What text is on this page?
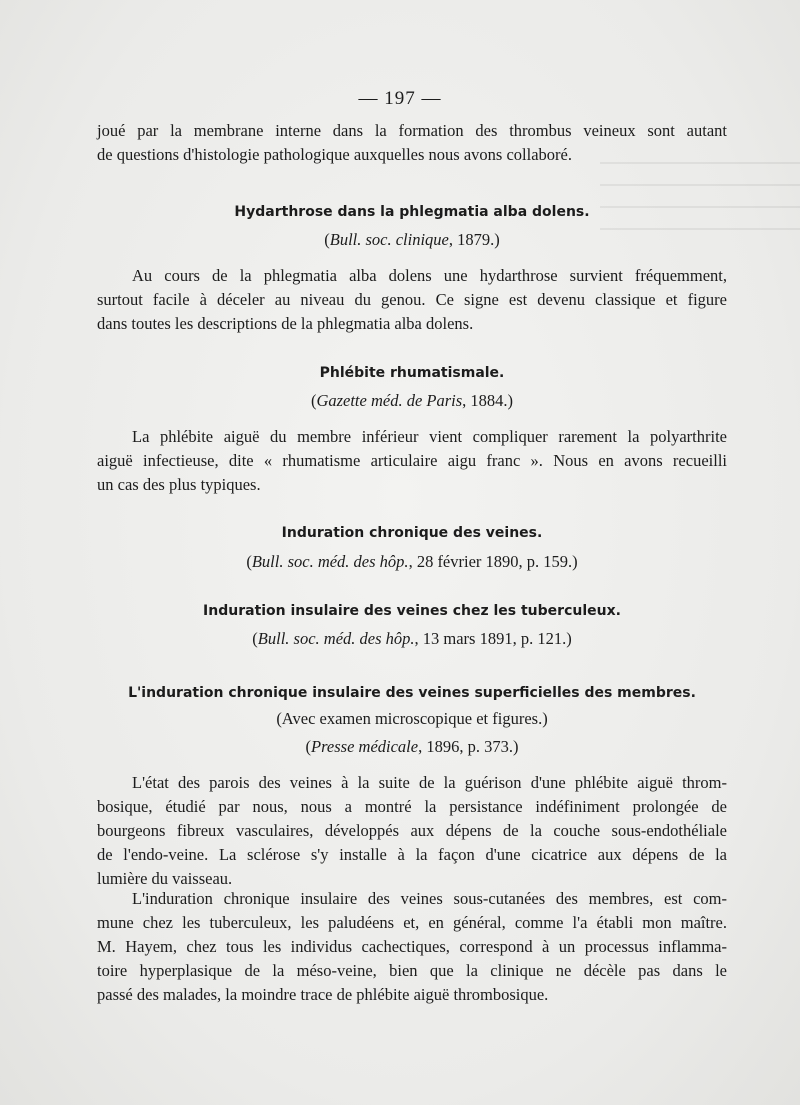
— 197 —
joué par la membrane interne dans la formation des thrombus veineux sont autant
de questions d'histologie pathologique auxquelles nous avons collaboré.
Hydarthrose dans la phlegmatia alba dolens.
(Bull. soc. clinique, 1879.)
Au cours de la phlegmatia alba dolens une hydarthrose survient fréquemment,
surtout facile à déceler au niveau du genou. Ce signe est devenu classique et figure
dans toutes les descriptions de la phlegmatia alba dolens.
Phlébite rhumatismale.
(Gazette méd. de Paris, 1884.)
La phlébite aiguë du membre inférieur vient compliquer rarement la polyarthrite
aiguë infectieuse, dite « rhumatisme articulaire aigu franc ». Nous en avons recueilli
un cas des plus typiques.
Induration chronique des veines.
(Bull. soc. méd. des hôp., 28 février 1890, p. 159.)
Induration insulaire des veines chez les tuberculeux.
(Bull. soc. méd. des hôp., 13 mars 1891, p. 121.)
L'induration chronique insulaire des veines superficielles des membres.
(Avec examen microscopique et figures.)
(Presse médicale, 1896, p. 373.)
L'état des parois des veines à la suite de la guérison d'une phlébite aiguë throm-
bosique, étudié par nous, nous a montré la persistance indéfiniment prolongée de
bourgeons fibreux vasculaires, développés aux dépens de la couche sous-endothéliale
de l'endo-veine. La sclérose s'y installe à la façon d'une cicatrice aux dépens de la
lumière du vaisseau.
L'induration chronique insulaire des veines sous-cutanées des membres, est com-
mune chez les tuberculeux, les paludéens et, en général, comme l'a établi mon maître.
M. Hayem, chez tous les individus cachectiques, correspond à un processus inflamma-
toire hyperplasique de la méso-veine, bien que la clinique ne décèle pas dans le
passé des malades, la moindre trace de phlébite aiguë thrombosique.
